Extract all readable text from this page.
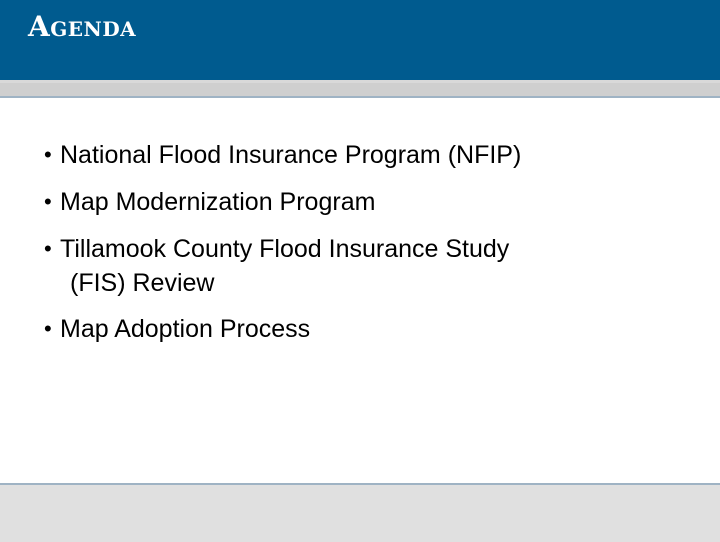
Agenda
• National Flood Insurance Program (NFIP)
• Map Modernization Program
• Tillamook County Flood Insurance Study
(FIS) Review
• Map Adoption Process
